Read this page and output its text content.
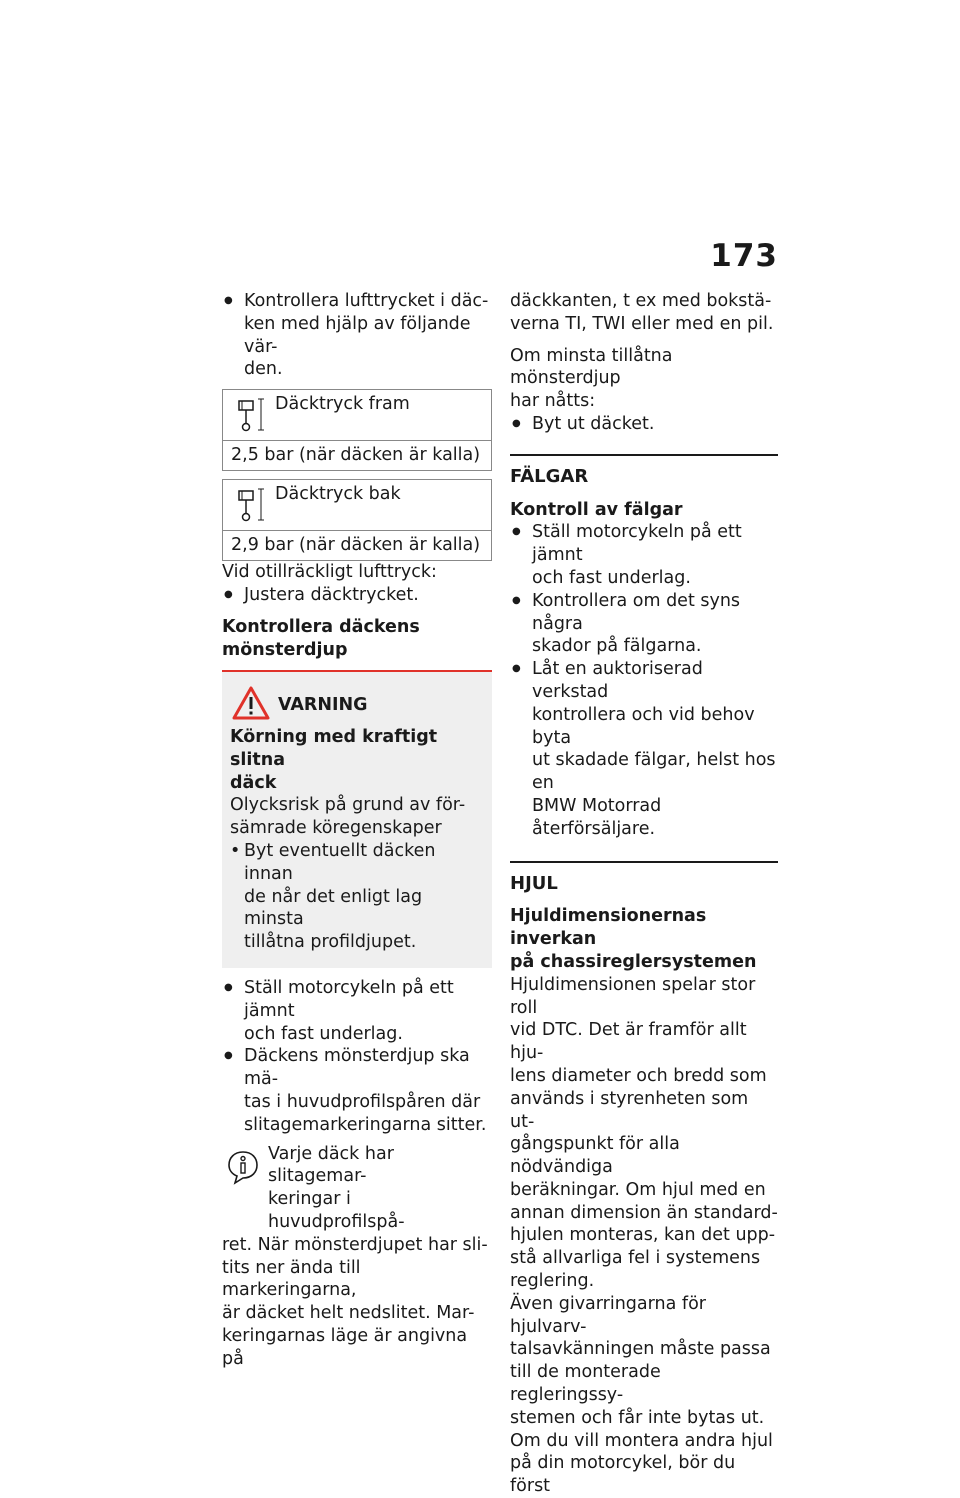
173
● Kontrollera lufttrycket i däc-
ken med hjälp av följande vär-
den.
Däcktryck fram
2,5 bar (när däcken är kalla)
Däcktryck bak
2,9 bar (när däcken är kalla)

Vid otillräckligt lufttryck:

● Justera däcktrycket.
Kontrollera däckens
mönsterdjup
VARNING
Körning med kraftigt slitna
däck
Olycksrisk på grund av för-
sämrade köregenskaper
• Byt eventuellt däcken innan
de når det enligt lag minsta
tillåtna profildjupet.
● Ställ motorcykeln på ett jämnt
och fast underlag.
● Däckens mönsterdjup ska mä-
tas i huvudprofilspåren där
slitagemarkeringarna sitter.
Varje däck har slitagemar-
keringar i huvudprofilspå-
ret. När mönsterdjupet har sli-
tits ner ända till markeringarna,
är däcket helt nedslitet. Mar-
keringarnas läge är angivna på

däckkanten, t ex med bokstä-
verna TI, TWI eller med en pil.

Om minsta tillåtna mönsterdjup
har nåtts:

● Byt ut däcket.
FÄLGAR
Kontroll av fälgar
● Ställ motorcykeln på ett jämnt
och fast underlag.
● Kontrollera om det syns några
skador på fälgarna.
● Låt en auktoriserad verkstad
kontrollera och vid behov byta
ut skadade fälgar, helst hos en
BMW Motorrad återförsäljare.
HJUL
Hjuldimensionernas inverkan
på chassireglersystemen

Hjuldimensionen spelar stor roll
vid DTC. Det är framför allt hju-
lens diameter och bredd som
används i styrenheten som ut-
gångspunkt för alla nödvändiga
beräkningar. Om hjul med en
annan dimension än standard-
hjulen monteras, kan det upp-
stå allvarliga fel i systemens
reglering.

Även givarringarna för hjulvarv-
talsavkänningen måste passa
till de monterade regleringssy-
stemen och får inte bytas ut.

Om du vill montera andra hjul
på din motorcykel, bör du först
